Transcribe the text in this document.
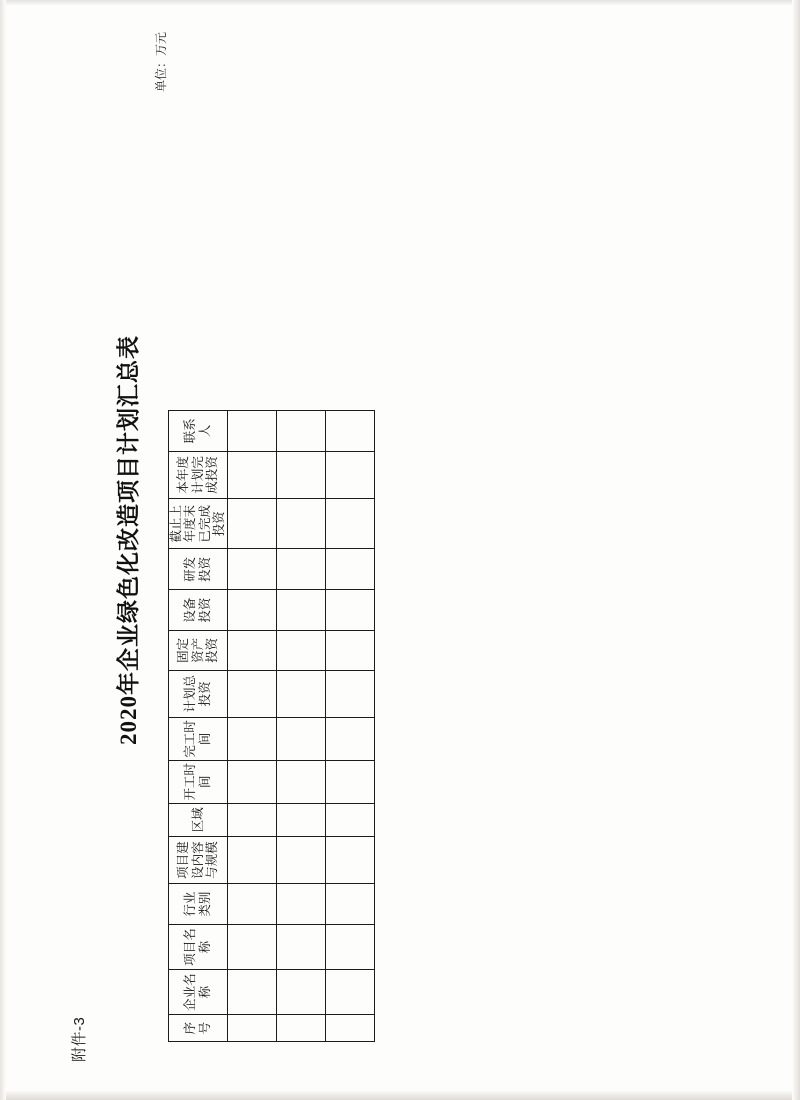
附件-3
2020年企业绿色化改造项目计划汇总表
单位：万元
序号	企业名称	项目名称	行业类别	项目建设内容与规模	区域	开工时间	完工时间	计划总投资	固定资产投资	设备投资	研发投资	截止上年度末已完成投资	本年度计划完成投资	联系人
